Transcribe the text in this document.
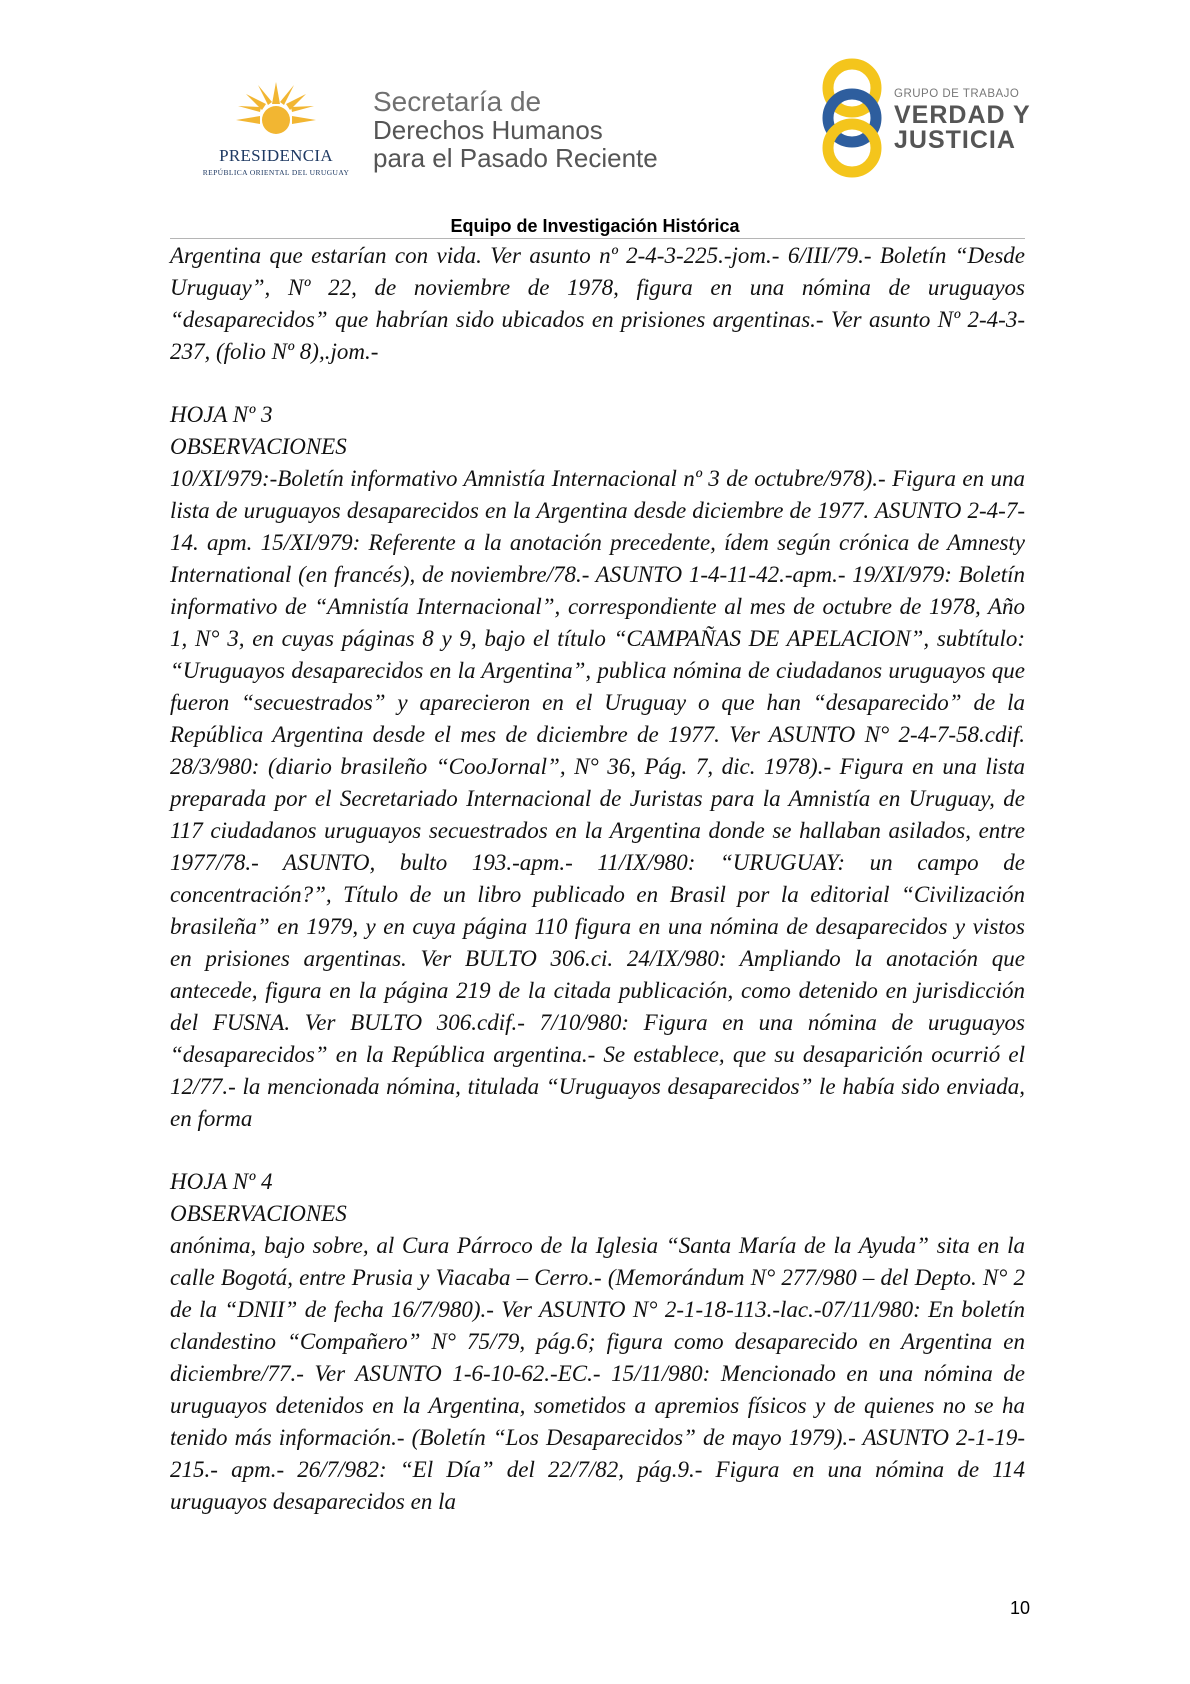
PRESIDENCIA
REPÚBLICA ORIENTAL DEL URUGUAY
Secretaría de
Derechos Humanos
para el Pasado Reciente
GRUPO DE TRABAJO
VERDAD Y
JUSTICIA
Equipo de Investigación Histórica

Argentina que estarían con vida. Ver asunto nº 2-4-3-225.-jom.- 6/III/79.- Boletín “Desde Uruguay”, Nº 22, de noviembre de 1978, figura en una nómina de uruguayos “desaparecidos” que habrían sido ubicados en prisiones argentinas.- Ver asunto Nº 2-4-3-237, (folio Nº 8),.jom.-

HOJA Nº 3

OBSERVACIONES

10/XI/979:-Boletín informativo Amnistía Internacional nº 3 de octubre/978).- Figura en una lista de uruguayos desaparecidos en la Argentina desde diciembre de 1977. ASUNTO 2-4-7-14. apm. 15/XI/979: Referente a la anotación precedente, ídem según crónica de Amnesty International (en francés), de noviembre/78.- ASUNTO 1-4-11-42.-apm.- 19/XI/979: Boletín informativo de “Amnistía Internacional”, correspondiente al mes de octubre de 1978, Año 1, N° 3, en cuyas páginas 8 y 9, bajo el título “CAMPAÑAS DE APELACION”, subtítulo: “Uruguayos desaparecidos en la Argentina”, publica nómina de ciudadanos uruguayos que fueron “secuestrados” y aparecieron en el Uruguay o que han “desaparecido” de la República Argentina desde el mes de diciembre de 1977. Ver ASUNTO N° 2-4-7-58.cdif. 28/3/980: (diario brasileño “CooJornal”, N° 36, Pág. 7, dic. 1978).- Figura en una lista preparada por el Secretariado Internacional de Juristas para la Amnistía en Uruguay, de 117 ciudadanos uruguayos secuestrados en la Argentina donde se hallaban asilados, entre 1977/78.- ASUNTO, bulto 193.-apm.- 11/IX/980: “URUGUAY: un campo de concentración?”, Título de un libro publicado en Brasil por la editorial “Civilización brasileña” en 1979, y en cuya página 110 figura en una nómina de desaparecidos y vistos en prisiones argentinas. Ver BULTO 306.ci. 24/IX/980: Ampliando la anotación que antecede, figura en la página 219 de la citada publicación, como detenido en jurisdicción del FUSNA. Ver BULTO 306.cdif.- 7/10/980: Figura en una nómina de uruguayos “desaparecidos” en la República argentina.- Se establece, que su desaparición ocurrió el 12/77.- la mencionada nómina, titulada “Uruguayos desaparecidos” le había sido enviada, en forma

HOJA Nº 4

OBSERVACIONES

anónima, bajo sobre, al Cura Párroco de la Iglesia “Santa María de la Ayuda” sita en la calle Bogotá, entre Prusia y Viacaba – Cerro.- (Memorándum N° 277/980 – del Depto. N° 2 de la “DNII” de fecha 16/7/980).- Ver ASUNTO N° 2-1-18-113.-lac.-07/11/980: En boletín clandestino “Compañero” N° 75/79, pág.6; figura como desaparecido en Argentina en diciembre/77.- Ver ASUNTO 1-6-10-62.-EC.- 15/11/980: Mencionado en una nómina de uruguayos detenidos en la Argentina, sometidos a apremios físicos y de quienes no se ha tenido más información.- (Boletín “Los Desaparecidos” de mayo 1979).- ASUNTO 2-1-19-215.- apm.- 26/7/982: “El Día” del 22/7/82, pág.9.- Figura en una nómina de 114 uruguayos desaparecidos en la

10
